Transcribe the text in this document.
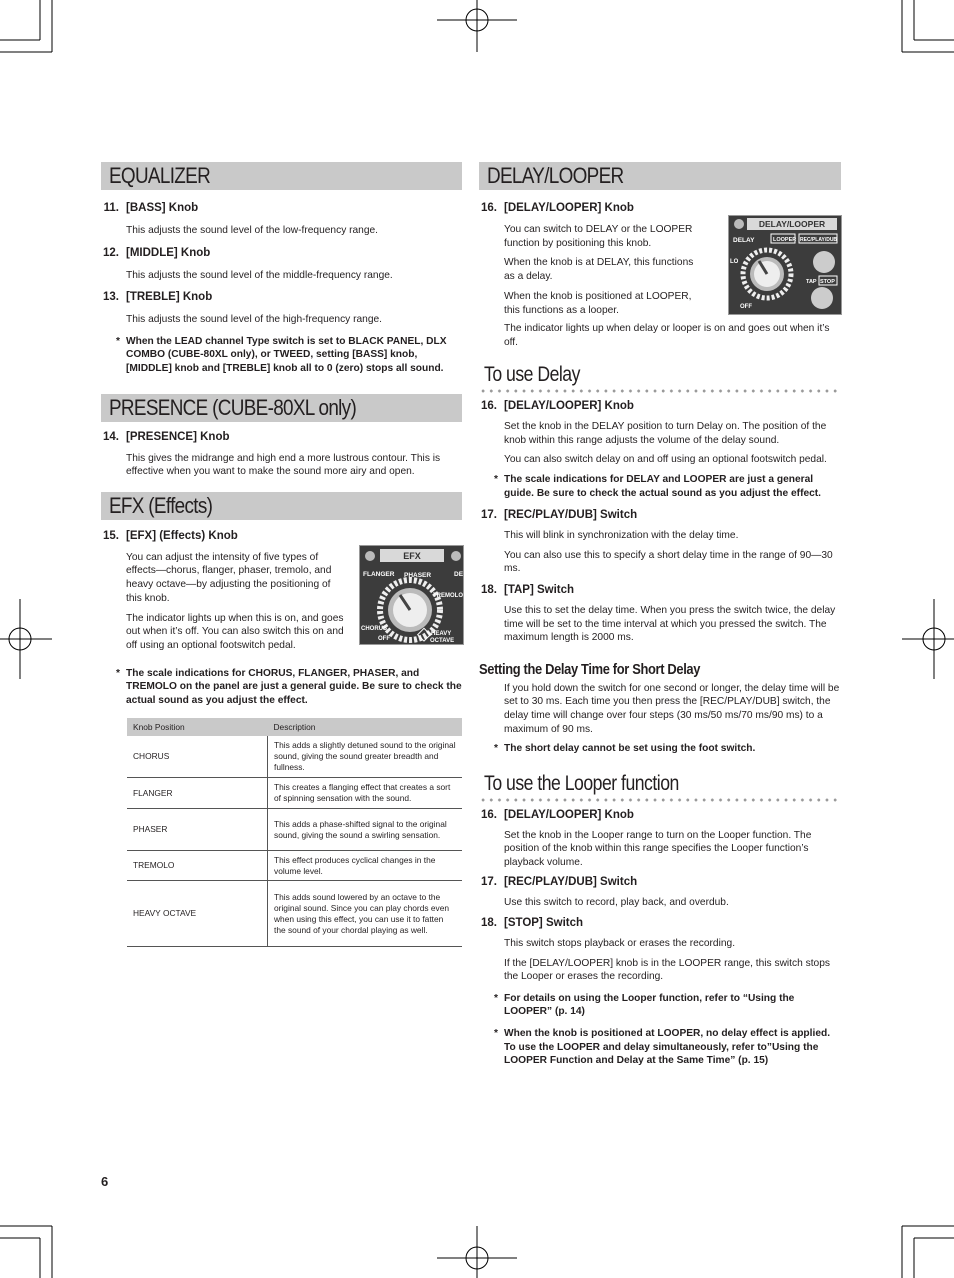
EQUALIZER
11. [BASS] Knob

This adjusts the sound level of the low-frequency range.

12. [MIDDLE] Knob

This adjusts the sound level of the middle-frequency range.

13. [TREBLE] Knob

This adjusts the sound level of the high-frequency range.

* When the LEAD channel Type switch is set to BLACK PANEL, DLX COMBO (CUBE-80XL only), or TWEED, setting [BASS] knob, [MIDDLE] knob and [TREBLE] knob all to 0 (zero) stops all sound.
PRESENCE (CUBE-80XL only)
14. [PRESENCE] Knob

This gives the midrange and high end a more lustrous contour. This is effective when you want to make the sound more airy and open.

EFX (Effects)
15. [EFX] (Effects) Knob

You can adjust the intensity of five types of effects—chorus, flanger, phaser, tremolo, and heavy octave—by adjusting the positioning of this knob.

The indicator lights up when this is on, and goes out when it’s off. You can also switch this on and off using an optional footswitch pedal.

EFX
FLANGER PHASER	DE
TREMOLO
CHORUS
OFF
HEAVY
OCTAVE
* The scale indications for CHORUS, FLANGER, PHASER, and TREMOLO on the panel are just a general guide. Be sure to check the actual sound as you adjust the effect.
Knob Position	Description
CHORUS	This adds a slightly detuned sound to the original sound, giving the sound greater breadth and fullness.
FLANGER	This creates a flanging effect that creates a sort of spinning sensation with the sound.
PHASER	This adds a phase-shifted signal to the original sound, giving the sound a swirling sensation.
TREMOLO	This effect produces cyclical changes in the volume level.
HEAVY OCTAVE	This adds sound lowered by an octave to the original sound. Since you can play chords even when using this effect, you can use it to fatten the sound of your chordal playing as well.
DELAY/LOOPER
16. [DELAY/LOOPER] Knob

You can switch to DELAY or the LOOPER function by positioning this knob.

When the knob is at DELAY, this functions as a delay.

When the knob is positioned at LOOPER, this functions as a looper.

DELAY/LOOPER
DELAY	LOOPER REC/PLAY/DUB
TAP STOP
LO
OFF

The indicator lights up when delay or looper is on and goes out when it’s off.

To use Delay
16. [DELAY/LOOPER] Knob

Set the knob in the DELAY position to turn Delay on. The position of the knob within this range adjusts the volume of the delay sound.

You can also switch delay on and off using an optional footswitch pedal.

* The scale indications for DELAY and LOOPER are just a general guide. Be sure to check the actual sound as you adjust the effect.
17. [REC/PLAY/DUB] Switch

This will blink in synchronization with the delay time.

You can also use this to specify a short delay time in the range of 90—30 ms.

18. [TAP] Switch

Use this to set the delay time. When you press the switch twice, the delay time will be set to the time interval at which you pressed the switch. The maximum length is 2000 ms.

Setting the Delay Time for Short Delay

If you hold down the switch for one second or longer, the delay time will be set to 30 ms. Each time you then press the [REC/PLAY/DUB] switch, the delay time will change over four steps (30 ms/50 ms/70 ms/90 ms) to a maximum of 90 ms.

* The short delay cannot be set using the foot switch.
To use the Looper function
16. [DELAY/LOOPER] Knob

Set the knob in the Looper range to turn on the Looper function. The position of the knob within this range specifies the Looper function’s playback volume.

17. [REC/PLAY/DUB] Switch

Use this switch to record, play back, and overdub.

18. [STOP] Switch

This switch stops playback or erases the recording.

If the [DELAY/LOOPER] knob is in the LOOPER range, this switch stops the Looper or erases the recording.

* For details on using the Looper function, refer to “Using the LOOPER” (p. 14)
* When the knob is positioned at LOOPER, no delay effect is applied. To use the LOOPER and delay simultaneously, refer to”Using the LOOPER Function and Delay at the Same Time” (p. 15)
6
